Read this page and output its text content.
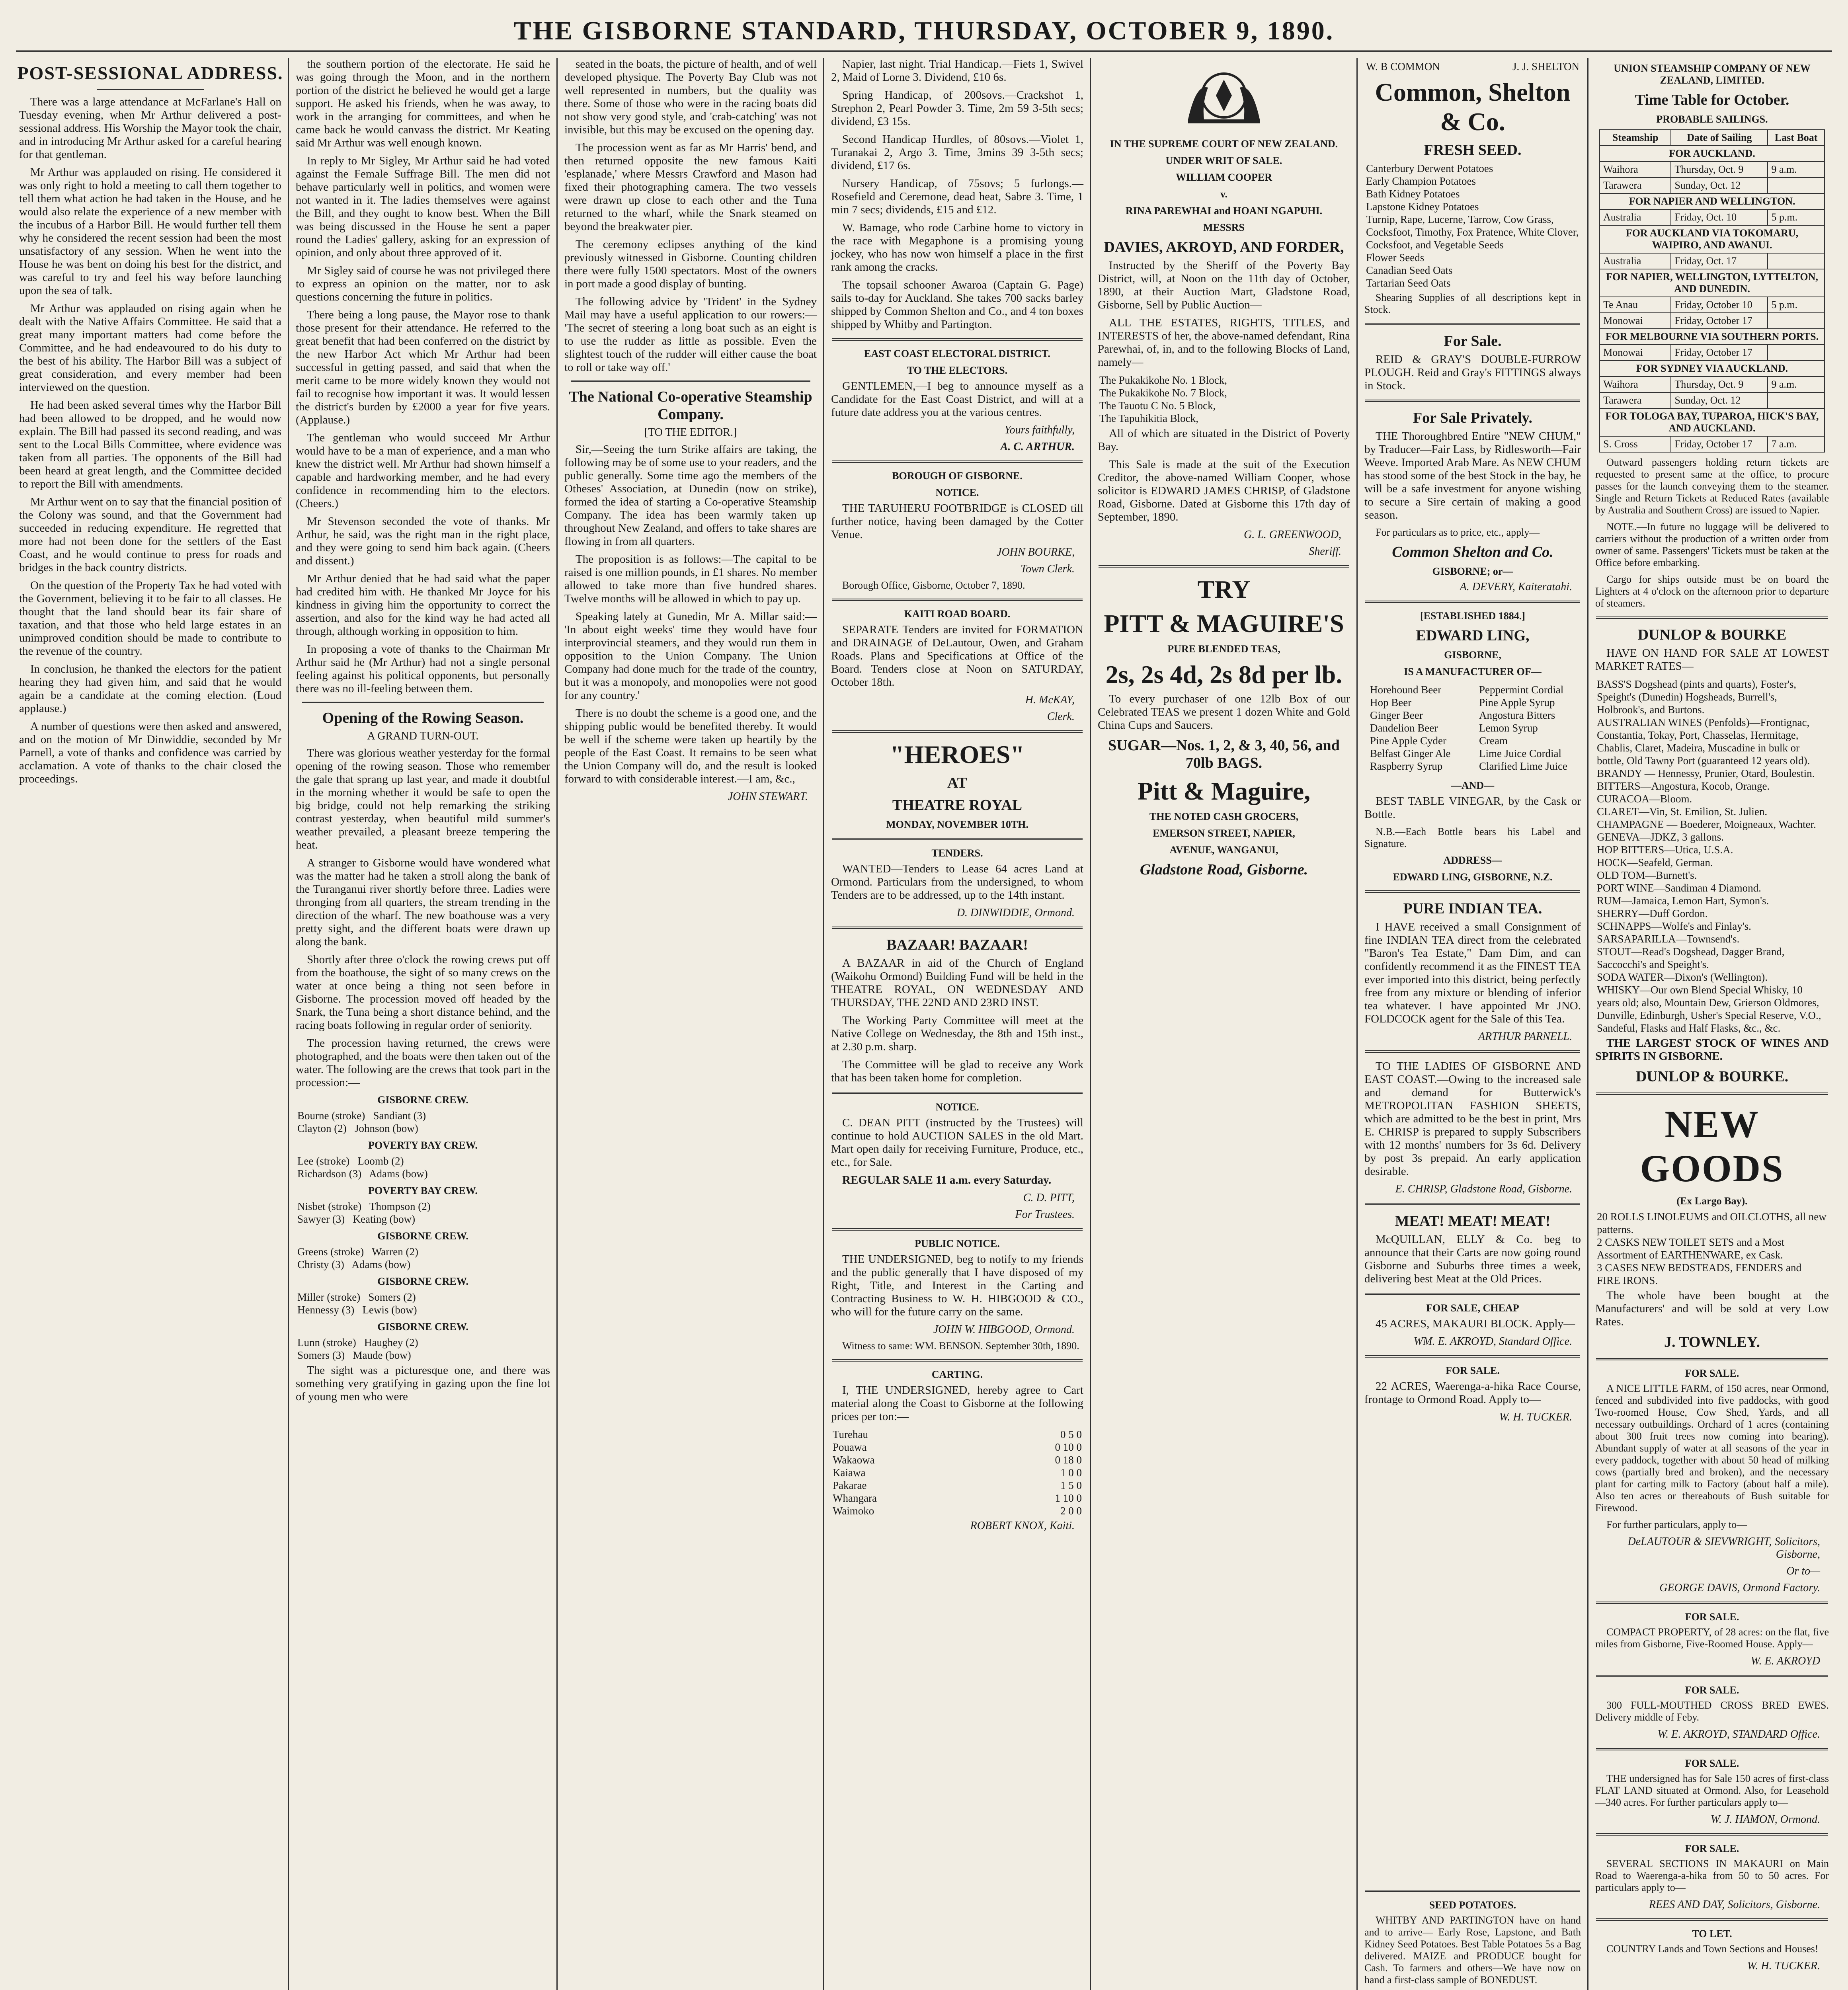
THE GISBORNE STANDARD, THURSDAY, OCTOBER 9, 1890.
POST-SESSIONAL ADDRESS.
There was a large attendance at McFarlane's Hall on Tuesday evening, when Mr Arthur delivered a post-sessional address. His Worship the Mayor took the chair, and in introducing Mr Arthur asked for a careful hearing for that gentleman.
Mr Arthur was applauded on rising. He considered it was only right to hold a meeting to call them together to tell them what action he had taken in the House, and he would also relate the experience of a new member with the incubus of a Harbor Bill. He would further tell them why he considered the recent session had been the most unsatisfactory of any session. When he went into the House he was bent on doing his best for the district, and was careful to try and feel his way before launching upon the sea of talk.
Mr Arthur was applauded on rising again when he dealt with the Native Affairs Committee. He said that a great many important matters had come before the Committee, and he had endeavoured to do his duty to the best of his ability. The Harbor Bill was a subject of great consideration, and every member had been interviewed on the question.
He had been asked several times why the Harbor Bill had been allowed to be dropped, and he would now explain. The Bill had passed its second reading, and was sent to the Local Bills Committee, where evidence was taken from all parties. The opponents of the Bill had been heard at great length, and the Committee decided to report the Bill with amendments.
Mr Arthur went on to say that the financial position of the Colony was sound, and that the Government had succeeded in reducing expenditure. He regretted that more had not been done for the settlers of the East Coast, and he would continue to press for roads and bridges in the back country districts.
On the question of the Property Tax he had voted with the Government, believing it to be fair to all classes. He thought that the land should bear its fair share of taxation, and that those who held large estates in an unimproved condition should be made to contribute to the revenue of the country.
In conclusion, he thanked the electors for the patient hearing they had given him, and said that he would again be a candidate at the coming election. (Loud applause.)
A number of questions were then asked and answered, and on the motion of Mr Dinwiddie, seconded by Mr Parnell, a vote of thanks and confidence was carried by acclamation. A vote of thanks to the chair closed the proceedings.
the southern portion of the electorate. He said he was going through the Moon, and in the northern portion of the district he believed he would get a large support. He asked his friends, when he was away, to work in the arranging for committees, and when he came back he would canvass the district. Mr Keating said Mr Arthur was well enough known.
In reply to Mr Sigley, Mr Arthur said he had voted against the Female Suffrage Bill. The men did not behave particularly well in politics, and women were not wanted in it. The ladies themselves were against the Bill, and they ought to know best. When the Bill was being discussed in the House he sent a paper round the Ladies' gallery, asking for an expression of opinion, and only about three approved of it.
Mr Sigley said of course he was not privileged there to express an opinion on the matter, nor to ask questions concerning the future in politics.
There being a long pause, the Mayor rose to thank those present for their attendance. He referred to the great benefit that had been conferred on the district by the new Harbor Act which Mr Arthur had been successful in getting passed, and said that when the merit came to be more widely known they would not fail to recognise how important it was. It would lessen the district's burden by £2000 a year for five years. (Applause.)
The gentleman who would succeed Mr Arthur would have to be a man of experience, and a man who knew the district well. Mr Arthur had shown himself a capable and hardworking member, and he had every confidence in recommending him to the electors. (Cheers.)
Mr Stevenson seconded the vote of thanks. Mr Arthur, he said, was the right man in the right place, and they were going to send him back again. (Cheers and dissent.)
Mr Arthur denied that he had said what the paper had credited him with. He thanked Mr Joyce for his kindness in giving him the opportunity to correct the assertion, and also for the kind way he had acted all through, although working in opposition to him.
In proposing a vote of thanks to the Chairman Mr Arthur said he (Mr Arthur) had not a single personal feeling against his political opponents, but personally there was no ill-feeling between them.
Opening of the Rowing Season.
A GRAND TURN-OUT.
There was glorious weather yesterday for the formal opening of the rowing season. Those who remember the gale that sprang up last year, and made it doubtful in the morning whether it would be safe to open the big bridge, could not help remarking the striking contrast yesterday, when beautiful mild summer's weather prevailed, a pleasant breeze tempering the heat.
A stranger to Gisborne would have wondered what was the matter had he taken a stroll along the bank of the Turanganui river shortly before three. Ladies were thronging from all quarters, the stream trending in the direction of the wharf. The new boathouse was a very pretty sight, and the different boats were drawn up along the bank.
Shortly after three o'clock the rowing crews put off from the boathouse, the sight of so many crews on the water at once being a thing not seen before in Gisborne. The procession moved off headed by the Snark, the Tuna being a short distance behind, and the racing boats following in regular order of seniority.
The procession having returned, the crews were photographed, and the boats were then taken out of the water. The following are the crews that took part in the procession:—
GISBORNE CREW.
Bourne (stroke)   Sandiant (3)
Clayton (2)   Johnson (bow)
POVERTY BAY CREW.
Lee (stroke)   Loomb (2)
Richardson (3)   Adams (bow)
POVERTY BAY CREW.
Nisbet (stroke)   Thompson (2)
Sawyer (3)   Keating (bow)
GISBORNE CREW.
Greens (stroke)   Warren (2)
Christy (3)   Adams (bow)
GISBORNE CREW.
Miller (stroke)   Somers (2)
Hennessy (3)   Lewis (bow)
GISBORNE CREW.
Lunn (stroke)   Haughey (2)
Somers (3)   Maude (bow)
The sight was a picturesque one, and there was something very gratifying in gazing upon the fine lot of young men who were
seated in the boats, the picture of health, and of well developed physique. The Poverty Bay Club was not well represented in numbers, but the quality was there. Some of those who were in the racing boats did not show very good style, and 'crab-catching' was not invisible, but this may be excused on the opening day.
The procession went as far as Mr Harris' bend, and then returned opposite the new famous Kaiti 'esplanade,' where Messrs Crawford and Mason had fixed their photographing camera. The two vessels were drawn up close to each other and the Tuna returned to the wharf, while the Snark steamed on beyond the breakwater pier.
The ceremony eclipses anything of the kind previously witnessed in Gisborne. Counting children there were fully 1500 spectators. Most of the owners in port made a good display of bunting.
The following advice by 'Trident' in the Sydney Mail may have a useful application to our rowers:— 'The secret of steering a long boat such as an eight is to use the rudder as little as possible. Even the slightest touch of the rudder will either cause the boat to roll or take way off.'
The National Co-operative Steamship Company.
[TO THE EDITOR.]
Sir,—Seeing the turn Strike affairs are taking, the following may be of some use to your readers, and the public generally. Some time ago the members of the Otheses' Association, at Dunedin (now on strike), formed the idea of starting a Co-operative Steamship Company. The idea has been warmly taken up throughout New Zealand, and offers to take shares are flowing in from all quarters.
The proposition is as follows:—The capital to be raised is one million pounds, in £1 shares. No member allowed to take more than five hundred shares. Twelve months will be allowed in which to pay up.
Speaking lately at Gunedin, Mr A. Millar said:— 'In about eight weeks' time they would have four interprovincial steamers, and they would run them in opposition to the Union Company. The Union Company had done much for the trade of the country, but it was a monopoly, and monopolies were not good for any country.'
There is no doubt the scheme is a good one, and the shipping public would be benefited thereby. It would be well if the scheme were taken up heartily by the people of the East Coast. It remains to be seen what the Union Company will do, and the result is looked forward to with considerable interest.—I am, &c.,
JOHN STEWART.
Napier, last night. Trial Handicap.—Fiets 1, Swivel 2, Maid of Lorne 3. Dividend, £10 6s.
Spring Handicap, of 200sovs.—Crackshot 1, Strephon 2, Pearl Powder 3. Time, 2m 59 3-5th secs; dividend, £3 15s.
Second Handicap Hurdles, of 80sovs.—Violet 1, Turanakai 2, Argo 3. Time, 3mins 39 3-5th secs; dividend, £17 6s.
Nursery Handicap, of 75sovs; 5 furlongs.—Rosefield and Ceremone, dead heat, Sabre 3. Time, 1 min 7 secs; dividends, £15 and £12.
W. Bamage, who rode Carbine home to victory in the race with Megaphone is a promising young jockey, who has now won himself a place in the first rank among the cracks.
The topsail schooner Awaroa (Captain G. Page) sails to-day for Auckland. She takes 700 sacks barley shipped by Common Shelton and Co., and 4 ton boxes shipped by Whitby and Partington.
EAST COAST ELECTORAL DISTRICT.
TO THE ELECTORS.
GENTLEMEN,—I beg to announce myself as a Candidate for the East Coast District, and will at a future date address you at the various centres.
Yours faithfully,
A. C. ARTHUR.
BOROUGH OF GISBORNE.
NOTICE.
THE TARUHERU FOOTBRIDGE is CLOSED till further notice, having been damaged by the Cotter Venue.
JOHN BOURKE,
Town Clerk.
Borough Office, Gisborne, October 7, 1890.
KAITI ROAD BOARD.
SEPARATE Tenders are invited for FORMATION and DRAINAGE of DeLautour, Owen, and Graham Roads. Plans and Specifications at Office of the Board. Tenders close at Noon on SATURDAY, October 18th.
H. McKAY,
Clerk.
"HEROES"
AT
THEATRE ROYAL
MONDAY, NOVEMBER 10TH.
TENDERS.
WANTED—Tenders to Lease 64 acres Land at Ormond. Particulars from the undersigned, to whom Tenders are to be addressed, up to the 14th instant.
D. DINWIDDIE, Ormond.
BAZAAR! BAZAAR!
A BAZAAR in aid of the Church of England (Waikohu Ormond) Building Fund will be held in the THEATRE ROYAL, ON WEDNESDAY AND THURSDAY, THE 22ND AND 23RD INST.
The Working Party Committee will meet at the Native College on Wednesday, the 8th and 15th inst., at 2.30 p.m. sharp.
The Committee will be glad to receive any Work that has been taken home for completion.
NOTICE.
C. DEAN PITT (instructed by the Trustees) will continue to hold AUCTION SALES in the old Mart. Mart open daily for receiving Furniture, Produce, etc., etc., for Sale.
REGULAR SALE 11 a.m. every Saturday.
C. D. PITT,
For Trustees.
PUBLIC NOTICE.
THE UNDERSIGNED, beg to notify to my friends and the public generally that I have disposed of my Right, Title, and Interest in the Carting and Contracting Business to W. H. HIBGOOD & CO., who will for the future carry on the same.
JOHN W. HIBGOOD, Ormond.
Witness to same: WM. BENSON. September 30th, 1890.
CARTING.
I, THE UNDERSIGNED, hereby agree to Cart material along the Coast to Gisborne at the following prices per ton:—
Turehau	0 5 0
Pouawa	0 10 0
Wakaowa	0 18 0
Kaiawa	1 0 0
Pakarae	1 5 0
Whangara	1 10 0
Waimoko	2 0 0
ROBERT KNOX, Kaiti.
IN THE SUPREME COURT OF NEW ZEALAND.
UNDER WRIT OF SALE.
WILLIAM COOPER
v.
RINA PAREWHAI and HOANI NGAPUHI.
MESSRS
DAVIES, AKROYD, AND FORDER,
Instructed by the Sheriff of the Poverty Bay District, will, at Noon on the 11th day of October, 1890, at their Auction Mart, Gladstone Road, Gisborne, Sell by Public Auction—
ALL THE ESTATES, RIGHTS, TITLES, and INTERESTS of her, the above-named defendant, Rina Parewhai, of, in, and to the following Blocks of Land, namely—
The Pukakikohe No. 1 Block,
The Pukakikohe No. 7 Block,
The Tauotu C No. 5 Block,
The Tapuhikitia Block,
All of which are situated in the District of Poverty Bay.
This Sale is made at the suit of the Execution Creditor, the above-named William Cooper, whose solicitor is EDWARD JAMES CHRISP, of Gladstone Road, Gisborne. Dated at Gisborne this 17th day of September, 1890.
G. L. GREENWOOD,
Sheriff.
TRY
PITT & MAGUIRE'S
PURE BLENDED TEAS,
2s, 2s 4d, 2s 8d per lb.
To every purchaser of one 12lb Box of our Celebrated TEAS we present 1 dozen White and Gold China Cups and Saucers.
SUGAR—Nos. 1, 2, & 3, 40, 56, and 70lb BAGS.
Pitt & Maguire,
THE NOTED CASH GROCERS,
EMERSON STREET, NAPIER,
AVENUE, WANGANUI,
Gladstone Road, Gisborne.
W. B COMMON	J. J. SHELTON
Common, Shelton & Co.
FRESH SEED.
Canterbury Derwent Potatoes
Early Champion Potatoes
Bath Kidney Potatoes
Lapstone Kidney Potatoes
Turnip, Rape, Lucerne, Tarrow, Cow Grass, Cocksfoot, Timothy, Fox Pratence, White Clover, Cocksfoot, and Vegetable Seeds
Flower Seeds
Canadian Seed Oats
Tartarian Seed Oats
Shearing Supplies of all descriptions kept in Stock.
For Sale.
REID & GRAY'S DOUBLE-FURROW PLOUGH. Reid and Gray's FITTINGS always in Stock.
For Sale Privately.
THE Thoroughbred Entire "NEW CHUM," by Traducer—Fair Lass, by Ridlesworth—Fair Weeve. Imported Arab Mare. As NEW CHUM has stood some of the best Stock in the bay, he will be a safe investment for anyone wishing to secure a Sire certain of making a good season.
For particulars as to price, etc., apply—
Common Shelton and Co.
GISBORNE; or—
A. DEVERY, Kaiteratahi.
[ESTABLISHED 1884.]
EDWARD LING,
GISBORNE,
IS A MANUFACTURER OF—
Horehound Beer
Hop Beer
Ginger Beer
Dandelion Beer
Pine Apple Cyder
Belfast Ginger Ale
Raspberry Syrup
Peppermint Cordial
Pine Apple Syrup
Angostura Bitters
Lemon Syrup
Cream
Lime Juice Cordial
Clarified Lime Juice
—AND—
BEST TABLE VINEGAR, by the Cask or Bottle.
N.B.—Each Bottle bears his Label and Signature.
ADDRESS—
EDWARD LING, GISBORNE, N.Z.
PURE INDIAN TEA.
I HAVE received a small Consignment of fine INDIAN TEA direct from the celebrated "Baron's Tea Estate," Dam Dim, and can confidently recommend it as the FINEST TEA ever imported into this district, being perfectly free from any mixture or blending of inferior tea whatever. I have appointed Mr JNO. FOLDCOCK agent for the Sale of this Tea.
ARTHUR PARNELL.
TO THE LADIES OF GISBORNE AND EAST COAST.—Owing to the increased sale and demand for Butterwick's METROPOLITAN FASHION SHEETS, which are admitted to be the best in print, Mrs E. CHRISP is prepared to supply Subscribers with 12 months' numbers for 3s 6d. Delivery by post 3s prepaid. An early application desirable.
E. CHRISP, Gladstone Road, Gisborne.
MEAT! MEAT! MEAT!
McQUILLAN, ELLY & Co. beg to announce that their Carts are now going round Gisborne and Suburbs three times a week, delivering best Meat at the Old Prices.
FOR SALE, CHEAP
45 ACRES, MAKAURI BLOCK. Apply—
WM. E. AKROYD, Standard Office.
FOR SALE.
22 ACRES, Waerenga-a-hika Race Course, frontage to Ormond Road. Apply to—
W. H. TUCKER.
UNION STEAMSHIP COMPANY OF NEW ZEALAND, LIMITED.
Time Table for October.
PROBABLE SAILINGS.
Steamship	Date of Sailing	Last Boat
FOR AUCKLAND.		
Waihora	Thursday, Oct. 9	9 a.m.
Tarawera	Sunday, Oct. 12	
FOR NAPIER AND WELLINGTON.		
Australia	Friday, Oct. 10	5 p.m.
FOR AUCKLAND VIA TOKOMARU, WAIPIRO, AND AWANUI.		
Australia	Friday, Oct. 17	
FOR NAPIER, WELLINGTON, LYTTELTON, AND DUNEDIN.		
Te Anau	Friday, October 10	5 p.m.
Monowai	Friday, October 17	
FOR MELBOURNE VIA SOUTHERN PORTS.		
Monowai	Friday, October 17	
FOR SYDNEY VIA AUCKLAND.		
Waihora	Thursday, Oct. 9	9 a.m.
Tarawera	Sunday, Oct. 12	
FOR TOLOGA BAY, TUPAROA, HICK'S BAY, AND AUCKLAND.		
S. Cross	Friday, October 17	7 a.m.
Outward passengers holding return tickets are requested to present same at the office, to procure passes for the launch conveying them to the steamer. Single and Return Tickets at Reduced Rates (available by Australia and Southern Cross) are issued to Napier.
NOTE.—In future no luggage will be delivered to carriers without the production of a written order from owner of same. Passengers' Tickets must be taken at the Office before embarking.
Cargo for ships outside must be on board the Lighters at 4 o'clock on the afternoon prior to departure of steamers.
DUNLOP & BOURKE
HAVE ON HAND FOR SALE AT LOWEST MARKET RATES—
BASS'S Dogshead (pints and quarts), Foster's, Speight's (Dunedin) Hogsheads, Burrell's, Holbrook's, and Burtons.
AUSTRALIAN WINES (Penfolds)—Frontignac, Constantia, Tokay, Port, Chasselas, Hermitage, Chablis, Claret, Madeira, Muscadine in bulk or bottle, Old Tawny Port (guaranteed 12 years old).
BRANDY — Hennessy, Prunier, Otard, Boulestin.
BITTERS—Angostura, Kocob, Orange.
CURACOA—Bloom.
CLARET—Vin, St. Emilion, St. Julien.
CHAMPAGNE — Boederer, Moigneaux, Wachter.
GENEVA—JDKZ, 3 gallons.
HOP BITTERS—Utica, U.S.A.
HOCK—Seafeld, German.
OLD TOM—Burnett's.
PORT WINE—Sandiman 4 Diamond.
RUM—Jamaica, Lemon Hart, Symon's.
SHERRY—Duff Gordon.
SCHNAPPS—Wolfe's and Finlay's.
SARSAPARILLA—Townsend's.
STOUT—Read's Dogshead, Dagger Brand, Saccocchi's and Speight's.
SODA WATER—Dixon's (Wellington).
WHISKY—Our own Blend Special Whisky, 10 years old; also, Mountain Dew, Grierson Oldmores, Dunville, Edinburgh, Usher's Special Reserve, V.O., Sandeful, Flasks and Half Flasks, &c., &c.
THE LARGEST STOCK OF WINES AND SPIRITS IN GISBORNE.
DUNLOP & BOURKE.
NEW GOODS
(Ex Largo Bay).
20 ROLLS LINOLEUMS and OILCLOTHS, all new patterns.
2 CASKS NEW TOILET SETS and a Most Assortment of EARTHENWARE, ex Cask.
3 CASES NEW BEDSTEADS, FENDERS and FIRE IRONS.
The whole have been bought at the Manufacturers' and will be sold at very Low Rates.
J. TOWNLEY.
FOR SALE.
A NICE LITTLE FARM, of 150 acres, near Ormond, fenced and subdivided into five paddocks, with good Two-roomed House, Cow Shed, Yards, and all necessary outbuildings. Orchard of 1 acres (containing about 300 fruit trees now coming into bearing). Abundant supply of water at all seasons of the year in every paddock, together with about 50 head of milking cows (partially bred and broken), and the necessary plant for carting milk to Factory (about half a mile). Also ten acres or thereabouts of Bush suitable for Firewood.
For further particulars, apply to—
DeLAUTOUR & SIEVWRIGHT, Solicitors, Gisborne,
Or to—
GEORGE DAVIS, Ormond Factory.
FOR SALE.
COMPACT PROPERTY, of 28 acres: on the flat, five miles from Gisborne, Five-Roomed House. Apply—
W. E. AKROYD
FOR SALE.
300 FULL-MOUTHED CROSS BRED EWES. Delivery middle of Feby.
W. E. AKROYD, STANDARD Office.
FOR SALE.
THE undersigned has for Sale 150 acres of first-class FLAT LAND situated at Ormond. Also, for Leasehold—340 acres. For further particulars apply to—
W. J. HAMON, Ormond.
FOR SALE.
SEVERAL SECTIONS IN MAKAURI on Main Road to Waerenga-a-hika from 50 to 50 acres. For particulars apply to—
REES AND DAY, Solicitors, Gisborne.
TO LET.
COUNTRY Lands and Town Sections and Houses!
W. H. TUCKER.
SEED POTATOES.
WHITBY AND PARTINGTON have on hand and to arrive— Early Rose, Lapstone, and Bath Kidney Seed Potatoes. Best Table Potatoes 5s a Bag delivered. MAIZE and PRODUCE bought for Cash. To farmers and others—We have now on hand a first-class sample of BONEDUST.
